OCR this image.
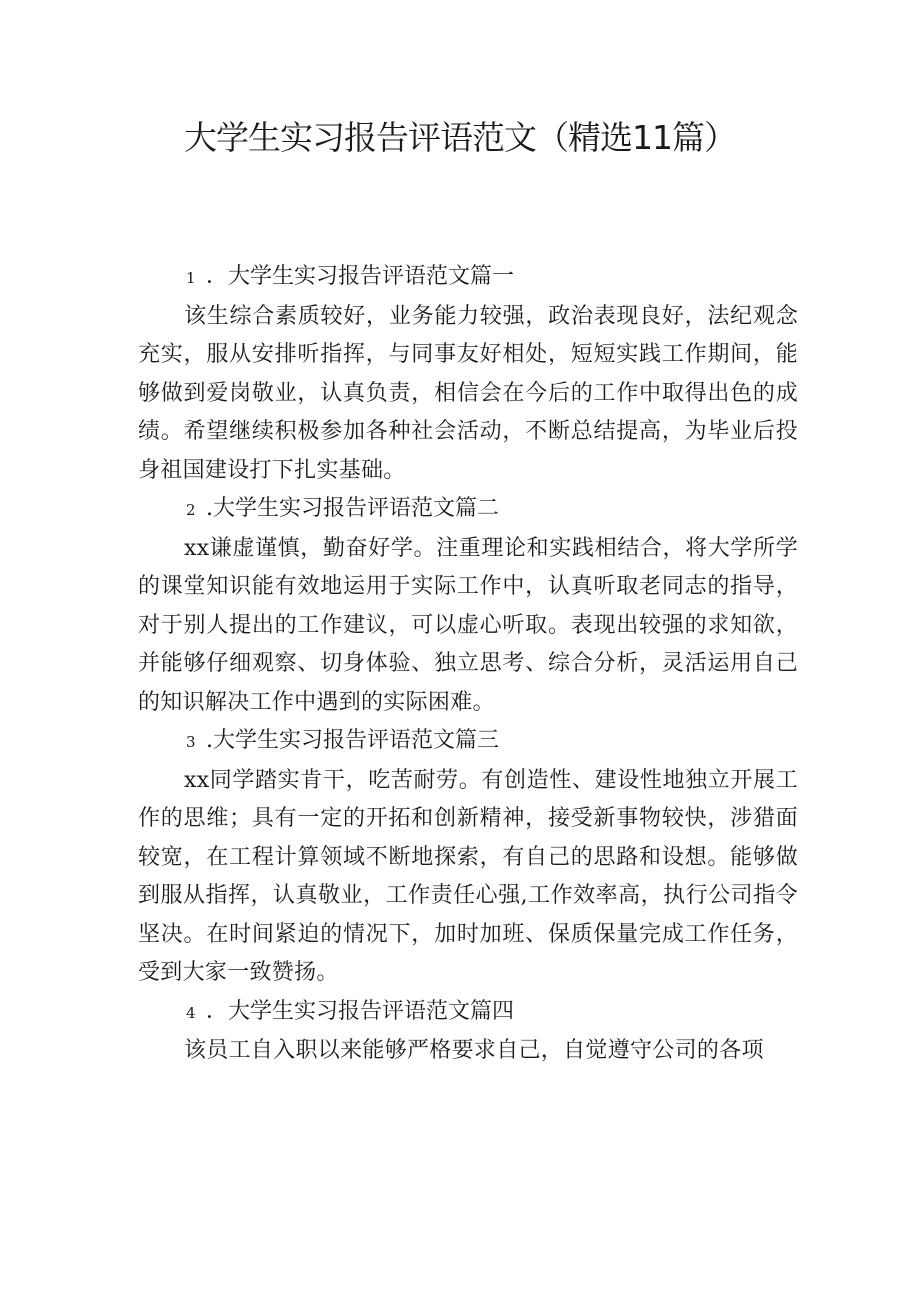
大学生实习报告评语范文（精选11篇）
1 ．大学生实习报告评语范文篇一

该生综合素质较好，业务能力较强，政治表现良好，法纪观念充实，服从安排听指挥，与同事友好相处，短短实践工作期间，能够做到爱岗敬业，认真负责，相信会在今后的工作中取得出色的成绩。希望继续积极参加各种社会活动，不断总结提高，为毕业后投身祖国建设打下扎实基础。

2 .大学生实习报告评语范文篇二

xx谦虚谨慎，勤奋好学。注重理论和实践相结合，将大学所学的课堂知识能有效地运用于实际工作中，认真听取老同志的指导，对于别人提出的工作建议，可以虚心听取。表现出较强的求知欲，并能够仔细观察、切身体验、独立思考、综合分析，灵活运用自己的知识解决工作中遇到的实际困难。

3 .大学生实习报告评语范文篇三

xx同学踏实肯干，吃苦耐劳。有创造性、建设性地独立开展工作的思维；具有一定的开拓和创新精神，接受新事物较快，涉猎面较宽，在工程计算领域不断地探索，有自己的思路和设想。能够做到服从指挥，认真敬业，工作责任心强,工作效率高，执行公司指令坚决。在时间紧迫的情况下，加时加班、保质保量完成工作任务，受到大家一致赞扬。

4 ．大学生实习报告评语范文篇四

该员工自入职以来能够严格要求自己，自觉遵守公司的各项
